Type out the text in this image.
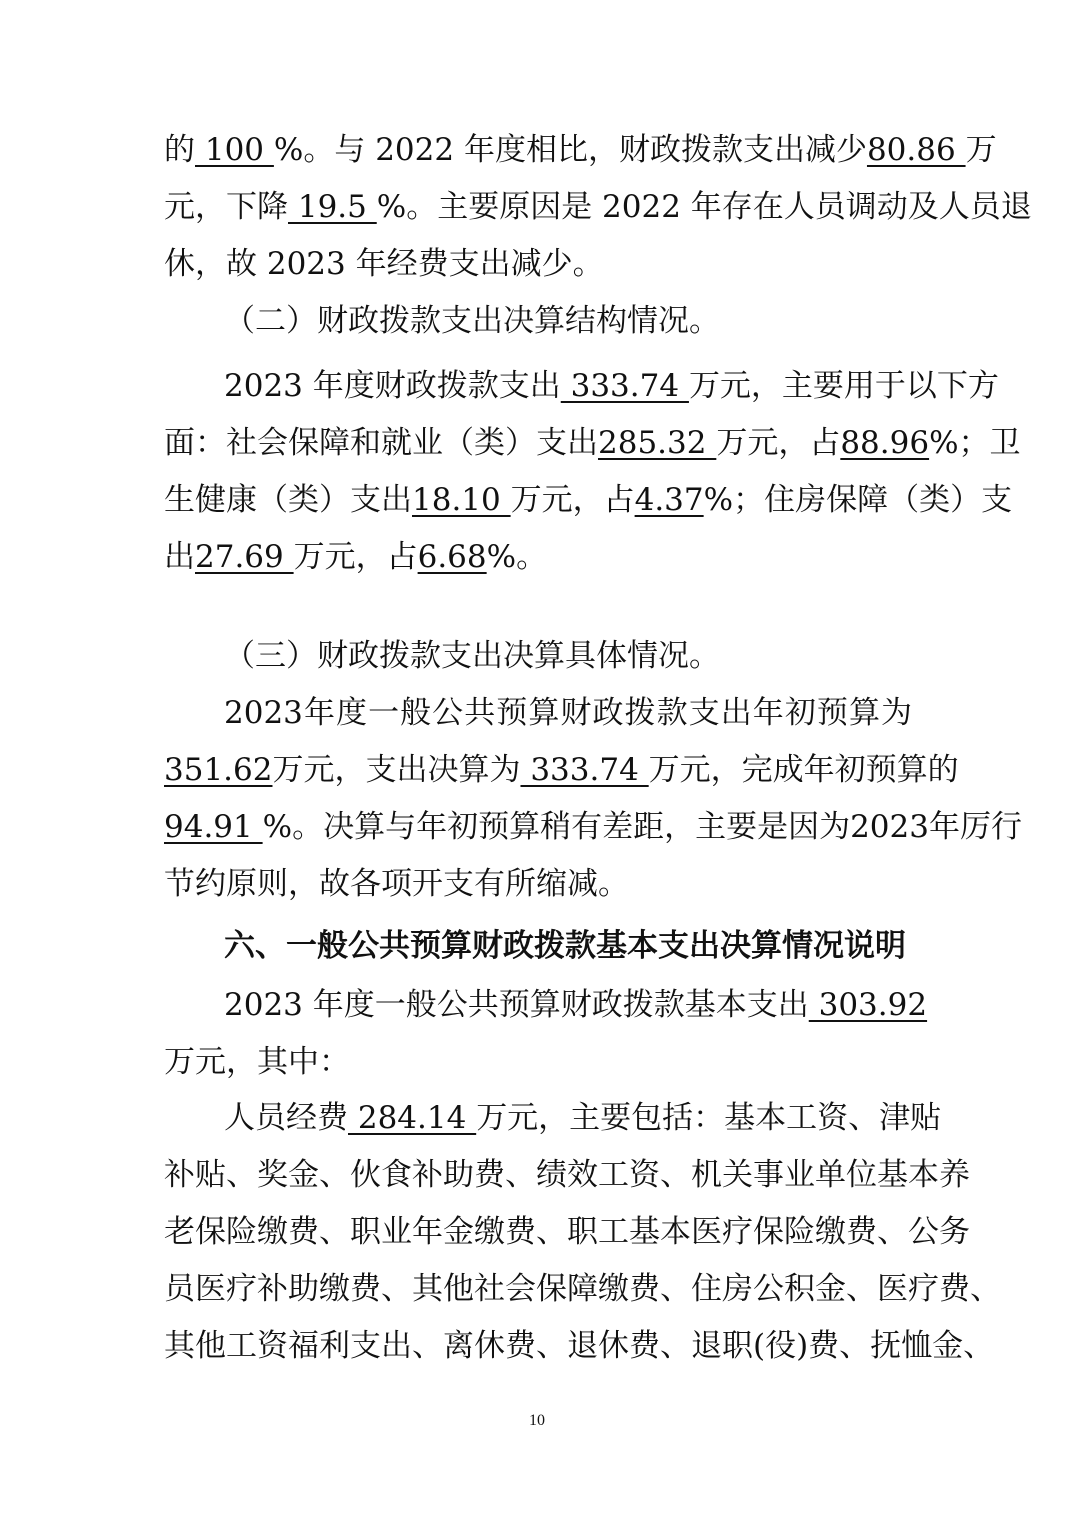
的 100 %。与 2022 年度相比，财政拨款支出减少80.86 万
元，下降 19.5 %。主要原因是 2022 年存在人员调动及人员退
休，故 2023 年经费支出减少。
（二）财政拨款支出决算结构情况。
2023 年度财政拨款支出 333.74 万元，主要用于以下方
面：社会保障和就业（类）支出285.32 万元，占88.96%；卫
生健康（类）支出18.10 万元，占4.37%；住房保障（类）支
出27.69 万元，占6.68%。
（三）财政拨款支出决算具体情况。
2023年度一般公共预算财政拨款支出年初预算为
351.62万元，支出决算为 333.74 万元，完成年初预算的
94.91 %。决算与年初预算稍有差距，主要是因为2023年厉行
节约原则，故各项开支有所缩减。
六、一般公共预算财政拨款基本支出决算情况说明
2023 年度一般公共预算财政拨款基本支出 303.92
万元，其中：
人员经费 284.14 万元，主要包括：基本工资、津贴
补贴、奖金、伙食补助费、绩效工资、机关事业单位基本养
老保险缴费、职业年金缴费、职工基本医疗保险缴费、公务
员医疗补助缴费、其他社会保障缴费、住房公积金、医疗费、
其他工资福利支出、离休费、退休费、退职(役)费、抚恤金、
10
